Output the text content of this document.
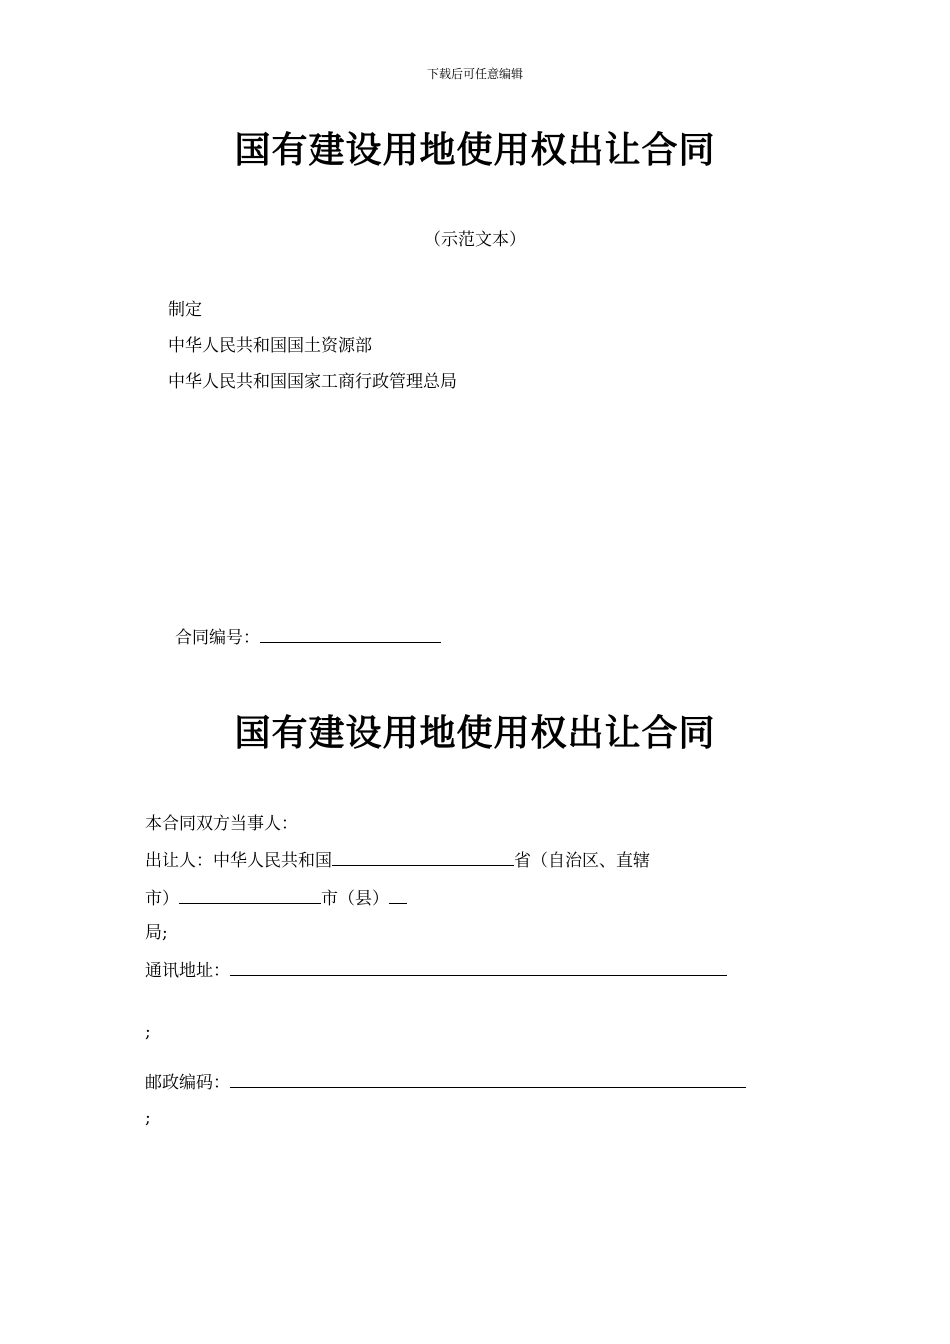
下载后可任意编辑
国有建设用地使用权出让合同
（示范文本）
制定
中华人民共和国国土资源部
中华人民共和国国家工商行政管理总局
合同编号：
国有建设用地使用权出让合同
本合同双方当事人：
出让人：中华人民共和国	省（自治区、直辖
市）	市（县）
局;
通讯地址：
;
邮政编码：
;
